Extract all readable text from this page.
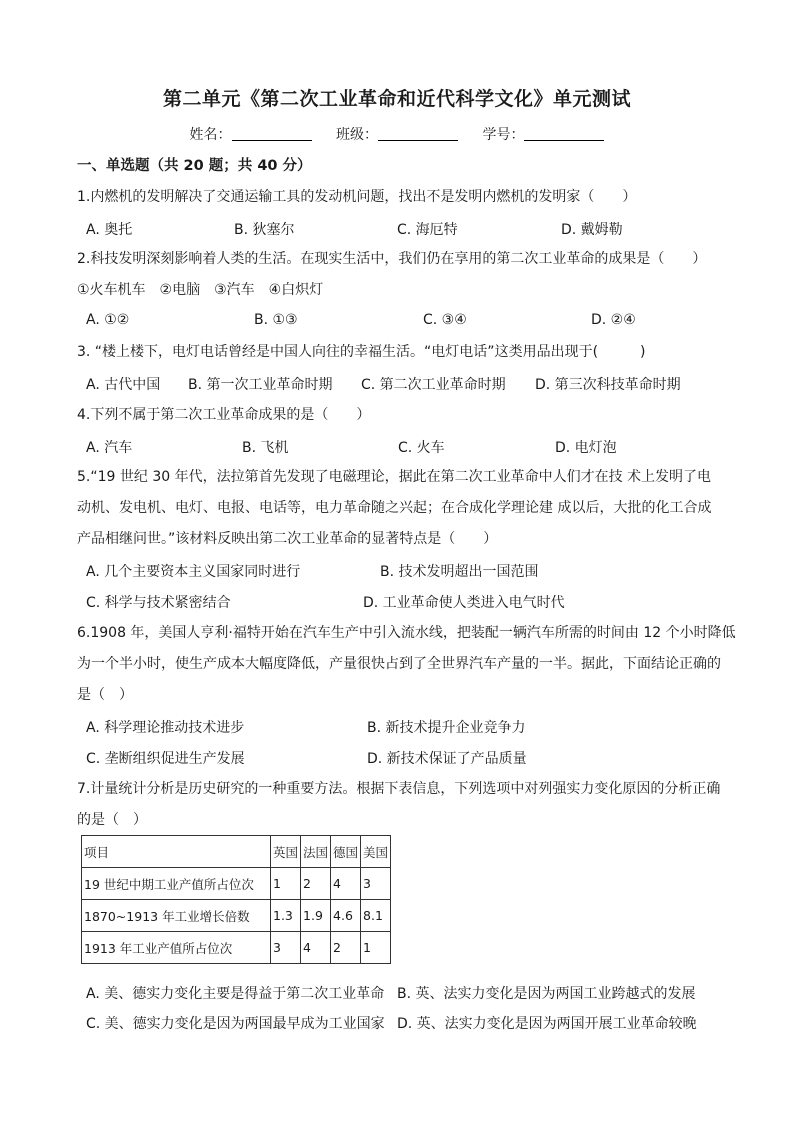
第二单元《第二次工业革命和近代科学文化》单元测试
姓名：	班级：	学号：
一、单选题（共 20 题；共 40 分）
1.内燃机的发明解决了交通运输工具的发动机问题，找出不是发明内燃机的发明家（　　）
A. 奥托	B. 狄塞尔	C. 海厄特	D. 戴姆勒
2.科技发明深刻影响着人类的生活。在现实生活中，我们仍在享用的第二次工业革命的成果是（　　）
①火车机车　②电脑　③汽车　④白炽灯
A. ①②	B. ①③	C. ③④	D. ②④
3. “楼上楼下，电灯电话曾经是中国人向往的幸福生活。“电灯电话”这类用品出现于(　　　)
A. 古代中国 B. 第一次工业革命时期 C. 第二次工业革命时期 D. 第三次科技革命时期
4.下列不属于第二次工业革命成果的是（　　）
A. 汽车	B. 飞机	C. 火车	D. 电灯泡
5.“19 世纪 30 年代，法拉第首先发现了电磁理论，据此在第二次工业革命中人们才在技 术上发明了电
动机、发电机、电灯、电报、电话等，电力革命随之兴起；在合成化学理论建 成以后，大批的化工合成
产品相继问世。”该材料反映出第二次工业革命的显著特点是（　　）
A. 几个主要资本主义国家同时进行	B. 技术发明超出一国范围
C. 科学与技术紧密结合	D. 工业革命使人类进入电气时代
6.1908 年，美国人亨利·福特开始在汽车生产中引入流水线，把装配一辆汽车所需的时间由 12 个小时降低
为一个半小时，使生产成本大幅度降低，产量很快占到了全世界汽车产量的一半。据此，下面结论正确的
是（　）
A. 科学理论推动技术进步	B. 新技术提升企业竞争力
C. 垄断组织促进生产发展	D. 新技术保证了产品质量
7.计量统计分析是历史研究的一种重要方法。根据下表信息，下列选项中对列强实力变化原因的分析正确
的是（　）
项目	英国	法国	德国	美国
19 世纪中期工业产值所占位次	1	2	4	3
1870~1913 年工业增长倍数	1.3	1.9	4.6	8.1
1913 年工业产值所占位次	3	4	2	1
A. 美、德实力变化主要是得益于第二次工业革命 B. 英、法实力变化是因为两国工业跨越式的发展
C. 美、德实力变化是因为两国最早成为工业国家 D. 英、法实力变化是因为两国开展工业革命较晚
